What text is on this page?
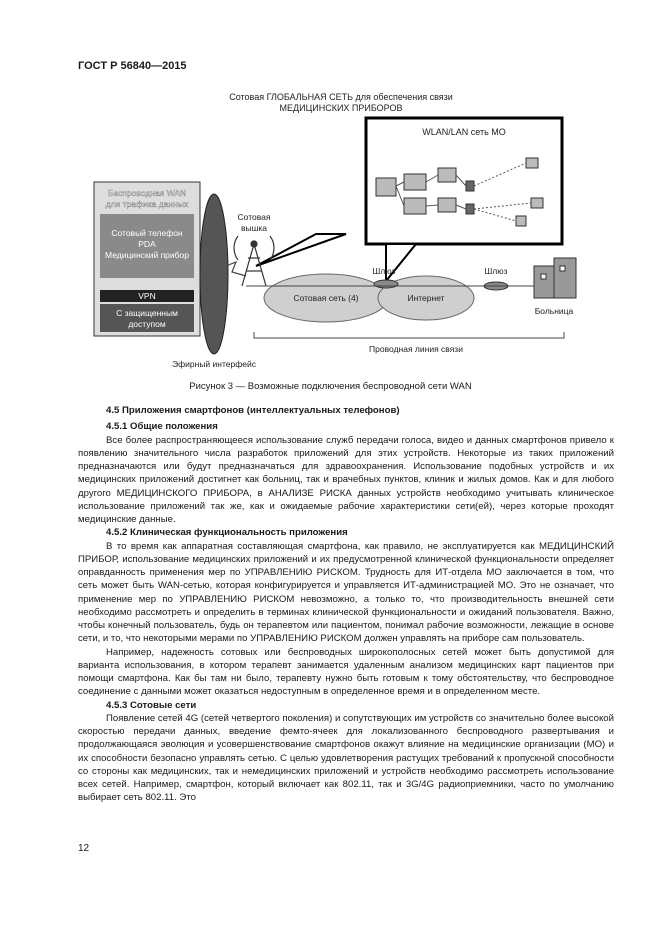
ГОСТ Р 56840—2015
Сотовая ГЛОБАЛЬНАЯ СЕТЬ для обеспечения связи
МЕДИЦИНСКИХ ПРИБОРОВ
WLAN/LAN сеть МО
Беспроводная WAN
для трафика данных
Сотовый телефон
PDA
Медицинский прибор
VPN
С защищенным
доступом
Эфирный интерфейс
Сотовая
вышка
Сотовая сеть (4)	Интернет
Шлюз	Шлюз
Больница
Проводная линия связи
Рисунок 3 — Возможные подключения беспроводной сети WAN
4.5 Приложения смартфонов (интеллектуальных телефонов)
4.5.1 Общие положения

Все более распространяющееся использование служб передачи голоса, видео и данных смартфонов привело к появлению значительного числа разработок приложений для этих устройств. Некоторые из таких приложений предназначаются или будут предназначаться для здравоохранения. Использование подобных устройств и их медицинских приложений достигнет как больниц, так и врачебных пунктов, клиник и жилых домов. Как и для любого другого МЕДИЦИНСКОГО ПРИБОРА, в АНАЛИЗЕ РИСКА данных устройств необходимо учитывать клиническое использование приложений так же, как и ожидаемые рабочие характеристики сети(ей), через которые проходят медицинские данные.

4.5.2 Клиническая функциональность приложения

В то время как аппаратная составляющая смартфона, как правило, не эксплуатируется как МЕДИЦИНСКИЙ ПРИБОР, использование медицинских приложений и их предусмотренной клинической функциональности определяет оправданность применения мер по УПРАВЛЕНИЮ РИСКОМ. Трудность для ИТ-отдела МО заключается в том, что сеть может быть WAN-сетью, которая конфигурируется и управляется ИТ-администрацией МО. Это не означает, что применение мер по УПРАВЛЕНИЮ РИСКОМ невозможно, а только то, что производительность внешней сети необходимо рассмотреть и определить в терминах клинической функциональности и ожиданий пользователя. Важно, чтобы конечный пользователь, будь он терапевтом или пациентом, понимал рабочие возможности, лежащие в основе сети, и то, что некоторыми мерами по УПРАВЛЕНИЮ РИСКОМ должен управлять на приборе сам пользователь.

Например, надежность сотовых или беспроводных широкополосных сетей может быть допустимой для варианта использования, в котором терапевт занимается удаленным анализом медицинских карт пациентов при помощи смартфона. Как бы там ни было, терапевту нужно быть готовым к тому обстоятельству, что беспроводное соединение с данными может оказаться недоступным в определенное время и в определенном месте.

4.5.3 Сотовые сети

Появление сетей 4G (сетей четвертого поколения) и сопутствующих им устройств со значительно более высокой скоростью передачи данных, введение фемто-ячеек для локализованного беспроводного развертывания и продолжающаяся эволюция и усовершенствование смартфонов окажут влияние на медицинские организации (МО) и их способности безопасно управлять сетью. С целью удовлетворения растущих требований к пропускной способности со стороны как медицинских, так и немедицинских приложений и устройств необходимо рассмотреть использование всех сетей. Например, смартфон, который включает как 802.11, так и 3G/4G радиоприемники, часто по умолчанию выбирает сеть 802.11. Это

12
